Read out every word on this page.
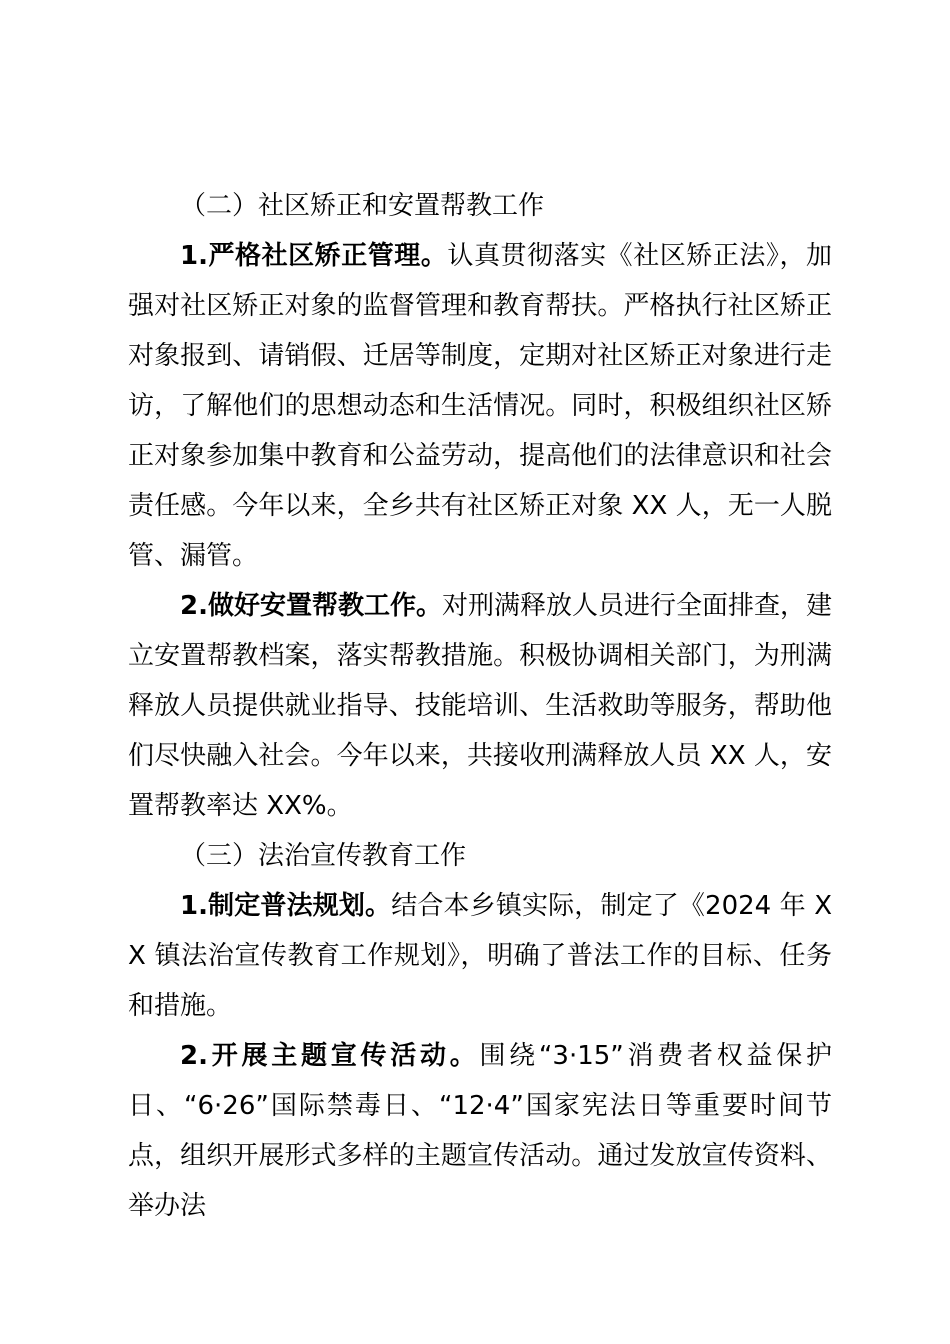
（二）社区矫正和安置帮教工作

1.严格社区矫正管理。认真贯彻落实《社区矫正法》，加强对社区矫正对象的监督管理和教育帮扶。严格执行社区矫正对象报到、请销假、迁居等制度，定期对社区矫正对象进行走访，了解他们的思想动态和生活情况。同时，积极组织社区矫正对象参加集中教育和公益劳动，提高他们的法律意识和社会责任感。今年以来，全乡共有社区矫正对象 XX 人，无一人脱管、漏管。

2.做好安置帮教工作。对刑满释放人员进行全面排查，建立安置帮教档案，落实帮教措施。积极协调相关部门，为刑满释放人员提供就业指导、技能培训、生活救助等服务，帮助他们尽快融入社会。今年以来，共接收刑满释放人员 XX 人，安置帮教率达 XX%。

（三）法治宣传教育工作

1.制定普法规划。结合本乡镇实际，制定了《2024 年 XX 镇法治宣传教育工作规划》，明确了普法工作的目标、任务和措施。

2.开展主题宣传活动。围绕“3·15”消费者权益保护日、“6·26”国际禁毒日、“12·4”国家宪法日等重要时间节点，组织开展形式多样的主题宣传活动。通过发放宣传资料、举办法
